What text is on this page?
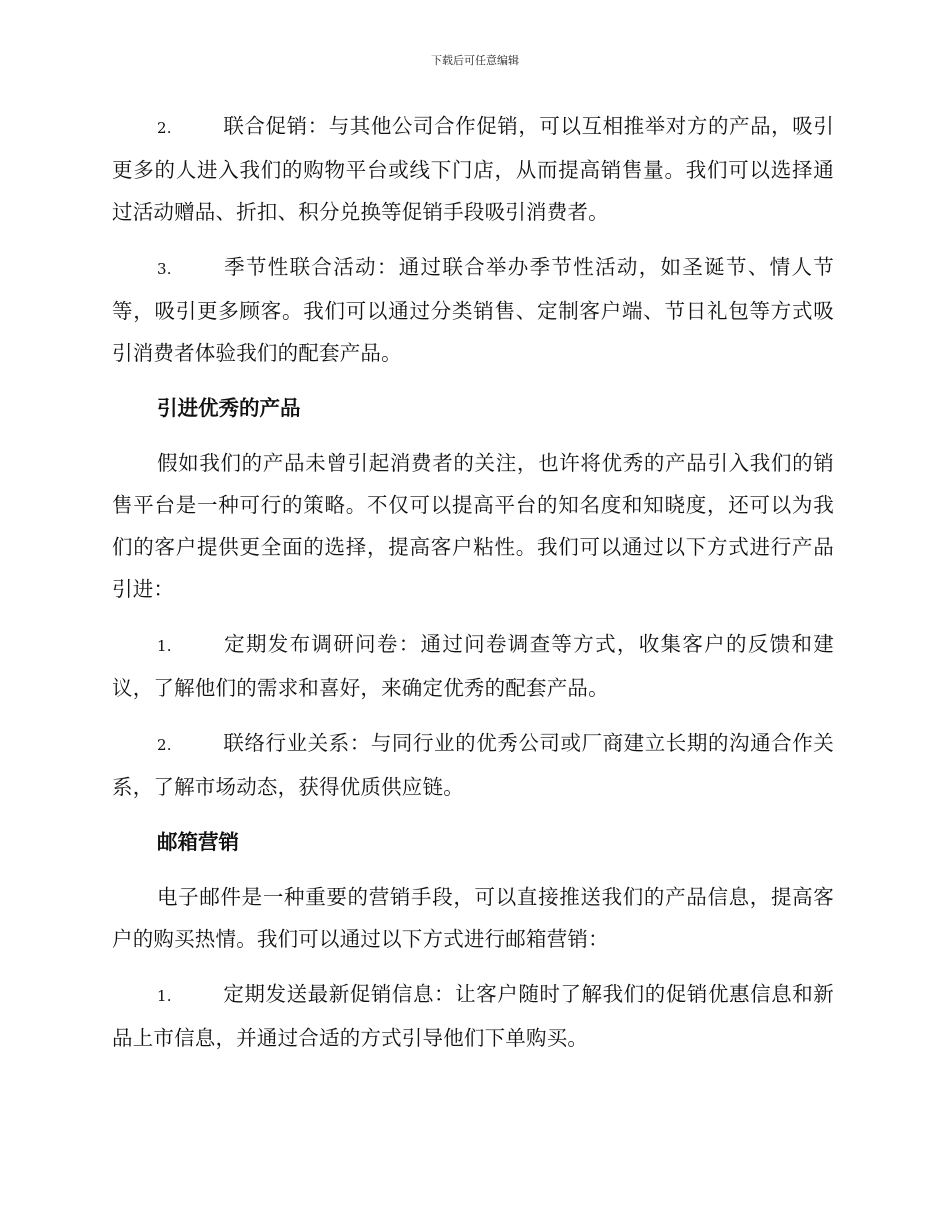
下载后可任意编辑

2.	联合促销：与其他公司合作促销，可以互相推举对方的产品，吸引更多的人进入我们的购物平台或线下门店，从而提高销售量。我们可以选择通过活动赠品、折扣、积分兑换等促销手段吸引消费者。

3.	季节性联合活动：通过联合举办季节性活动，如圣诞节、情人节等，吸引更多顾客。我们可以通过分类销售、定制客户端、节日礼包等方式吸引消费者体验我们的配套产品。

引进优秀的产品

假如我们的产品未曾引起消费者的关注，也许将优秀的产品引入我们的销售平台是一种可行的策略。不仅可以提高平台的知名度和知晓度，还可以为我们的客户提供更全面的选择，提高客户粘性。我们可以通过以下方式进行产品引进：

1.	定期发布调研问卷：通过问卷调查等方式，收集客户的反馈和建议，了解他们的需求和喜好，来确定优秀的配套产品。

2.	联络行业关系：与同行业的优秀公司或厂商建立长期的沟通合作关系，了解市场动态，获得优质供应链。

邮箱营销

电子邮件是一种重要的营销手段，可以直接推送我们的产品信息，提高客户的购买热情。我们可以通过以下方式进行邮箱营销：

1.	定期发送最新促销信息：让客户随时了解我们的促销优惠信息和新品上市信息，并通过合适的方式引导他们下单购买。
